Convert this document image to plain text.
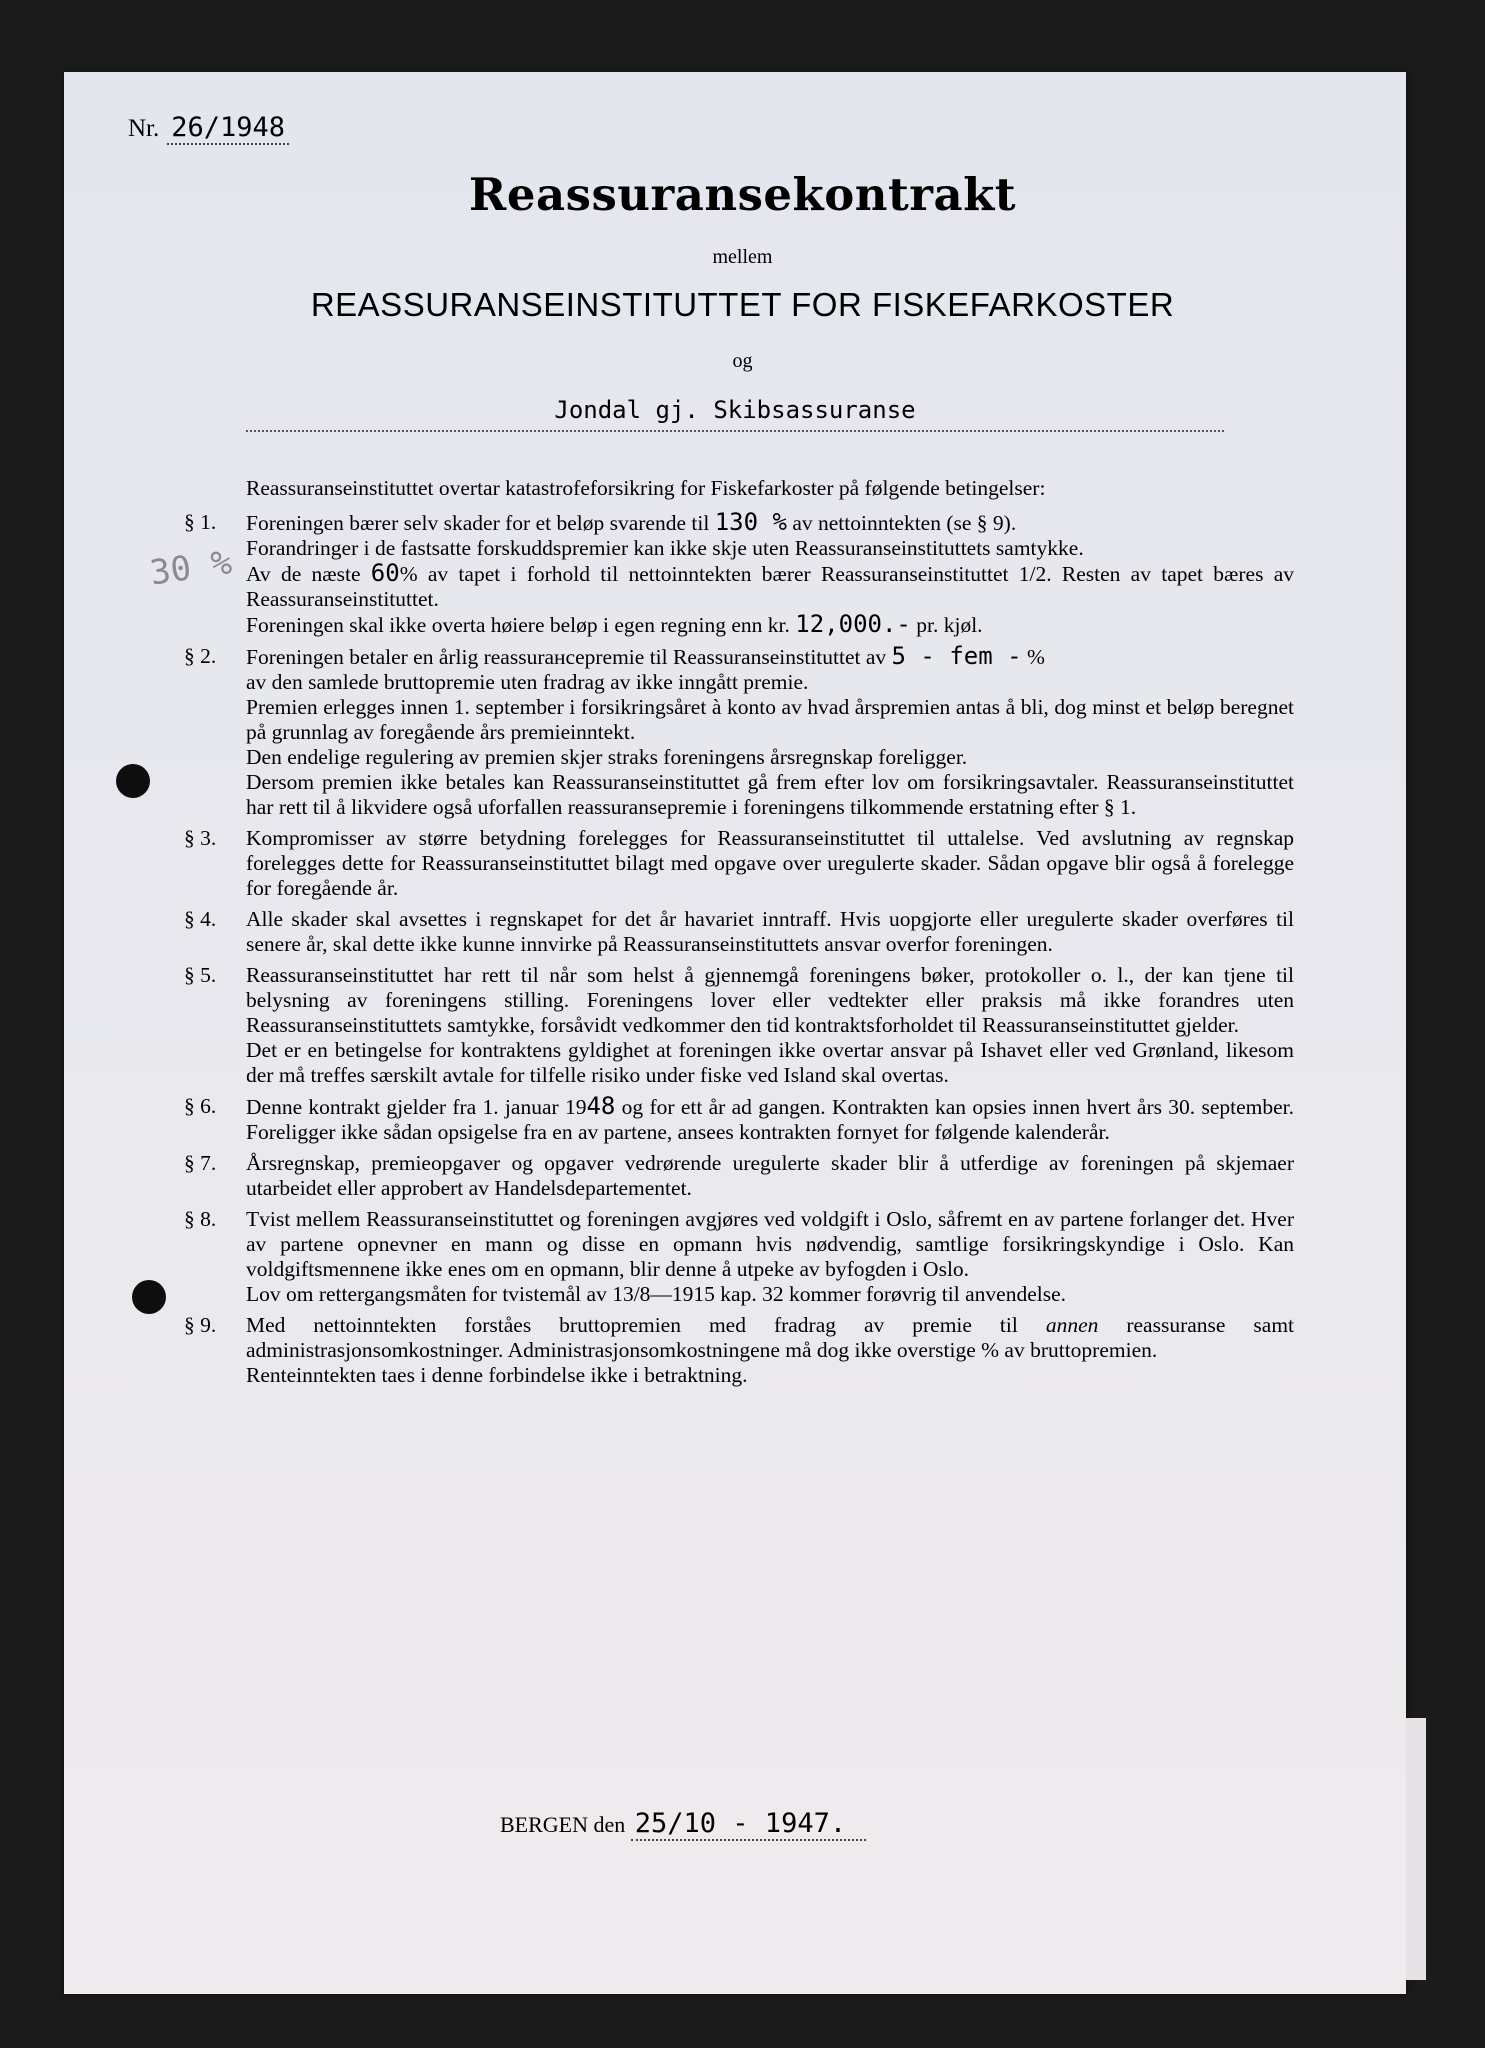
Nr. 26/1948
Reassuransekontrakt
mellem
REASSURANSEINSTITUTTET FOR FISKEFARKOSTER
og
Jondal gj. Skibsassuranse
30 %
Reassuranseinstituttet overtar katastrofeforsikring for Fiskefarkoster på følgende betingelser:
§ 1.	Foreningen bærer selv skader for et beløp svarende til 130 % av nettoinntekten (se § 9).

Forandringer i de fastsatte forskuddspremier kan ikke skje uten Reassuranseinstituttets samtykke.

Av de næste 60% av tapet i forhold til nettoinntekten bærer Reassuranseinstituttet 1/2. Resten av tapet bæres av Reassuranseinstituttet.

Foreningen skal ikke overta høiere beløp i egen regning enn kr. 12,000.- pr. kjøl.

§ 2.	Foreningen betaler en årlig reassurансepremie til Reassuranseinstituttet av 5 - fem - %

av den samlede bruttopremie uten fradrag av ikke inngått premie.

Premien erlegges innen 1. september i forsikringsåret à konto av hvad årspremien antas å bli, dog minst et beløp beregnet på grunnlag av foregående års premieinntekt.

Den endelige regulering av premien skjer straks foreningens årsregnskap foreligger.

Dersom premien ikke betales kan Reassuranseinstituttet gå frem efter lov om forsikringsavtaler. Reassuranseinstituttet har rett til å likvidere også uforfallen reassuransepremie i foreningens tilkommende erstatning efter § 1.

§ 3.	Kompromisser av større betydning forelegges for Reassuranseinstituttet til uttalelse. Ved avslutning av regnskap forelegges dette for Reassuranseinstituttet bilagt med opgave over uregulerte skader. Sådan opgave blir også å forelegge for foregående år.
§ 4.	Alle skader skal avsettes i regnskapet for det år havariet inntraff. Hvis uopgjorte eller uregulerte skader overføres til senere år, skal dette ikke kunne innvirke på Reassuranseinstituttets ansvar overfor foreningen.
§ 5.	Reassuranseinstituttet har rett til når som helst å gjennemgå foreningens bøker, protokoller o. l., der kan tjene til belysning av foreningens stilling. Foreningens lover eller vedtekter eller praksis må ikke forandres uten Reassuranseinstituttets samtykke, forsåvidt vedkommer den tid kontraktsforholdet til Reassuranseinstituttet gjelder.

Det er en betingelse for kontraktens gyldighet at foreningen ikke overtar ansvar på Ishavet eller ved Grønland, likesom der må treffes særskilt avtale for tilfelle risiko under fiske ved Island skal overtas.

§ 6.	Denne kontrakt gjelder fra 1. januar 1948 og for ett år ad gangen. Kontrakten kan opsies innen hvert års 30. september. Foreligger ikke sådan opsigelse fra en av partene, ansees kontrakten fornyet for følgende kalenderår.

§ 7.	Årsregnskap, premieopgaver og opgaver vedrørende uregulerte skader blir å utferdige av foreningen på skjemaer utarbeidet eller approbert av Handelsdepartementet.
§ 8.	Tvist mellem Reassuranseinstituttet og foreningen avgjøres ved voldgift i Oslo, såfremt en av partene forlanger det. Hver av partene opnevner en mann og disse en opmann hvis nødvendig, samtlige forsikringskyndige i Oslo. Kan voldgiftsmennene ikke enes om en opmann, blir denne å utpeke av byfogden i Oslo.

Lov om rettergangsmåten for tvistemål av 13/8—1915 kap. 32 kommer forøvrig til anvendelse.

§ 9.	Med nettoinntekten forståes bruttopremien med fradrag av premie til annen reassuranse samt administrasjonsomkostninger. Administrasjonsomkostningene må dog ikke overstige % av bruttopremien.

Renteinntekten taes i denne forbindelse ikke i betraktning.

BERGEN den 25/10 - 1947.
